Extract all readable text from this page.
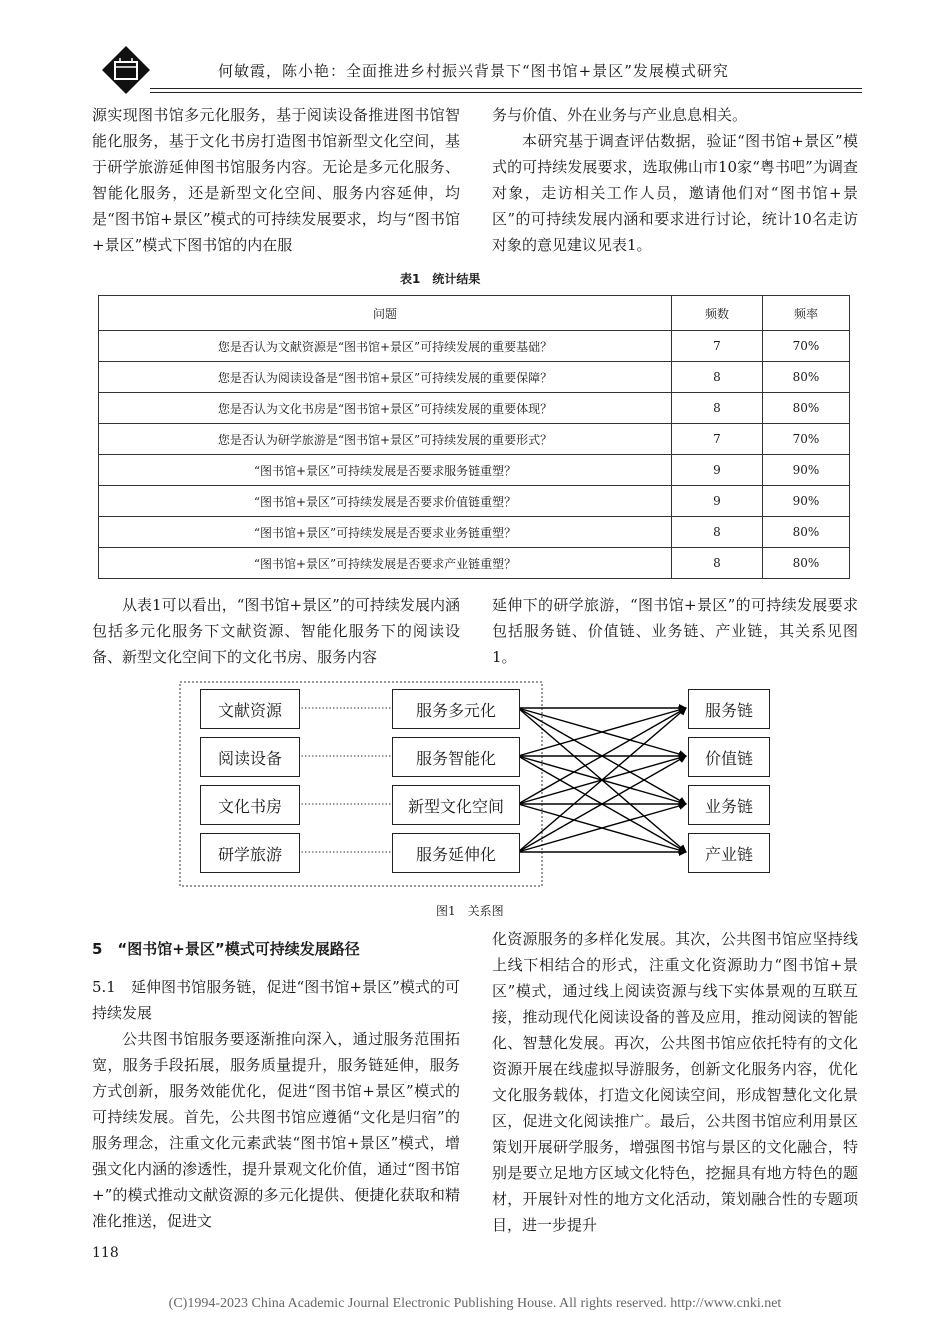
何敏霞，陈小艳：全面推进乡村振兴背景下“图书馆+景区”发展模式研究

源实现图书馆多元化服务，基于阅读设备推进图书馆智能化服务，基于文化书房打造图书馆新型文化空间，基于研学旅游延伸图书馆服务内容。无论是多元化服务、智能化服务，还是新型文化空间、服务内容延伸，均是“图书馆+景区”模式的可持续发展要求，均与“图书馆+景区”模式下图书馆的内在服

务与价值、外在业务与产业息息相关。

本研究基于调查评估数据，验证“图书馆+景区”模式的可持续发展要求，选取佛山市10家“粤书吧”为调查对象，走访相关工作人员，邀请他们对“图书馆+景区”的可持续发展内涵和要求进行讨论，统计10名走访对象的意见建议见表1。

表1　统计结果
问题	频数	频率
您是否认为文献资源是“图书馆+景区”可持续发展的重要基础？	7	70%
您是否认为阅读设备是“图书馆+景区”可持续发展的重要保障？	8	80%
您是否认为文化书房是“图书馆+景区”可持续发展的重要体现？	8	80%
您是否认为研学旅游是“图书馆+景区”可持续发展的重要形式？	7	70%
“图书馆+景区”可持续发展是否要求服务链重塑？	9	90%
“图书馆+景区”可持续发展是否要求价值链重塑？	9	90%
“图书馆+景区”可持续发展是否要求业务链重塑？	8	80%
“图书馆+景区”可持续发展是否要求产业链重塑？	8	80%

从表1可以看出，“图书馆+景区”的可持续发展内涵包括多元化服务下文献资源、智能化服务下的阅读设备、新型文化空间下的文化书房、服务内容

延伸下的研学旅游，“图书馆+景区”的可持续发展要求包括服务链、价值链、业务链、产业链，其关系见图1。

文献资源
阅读设备
文化书房
研学旅游
服务多元化
服务智能化
新型文化空间
服务延伸化
服务链
价值链
业务链
产业链
图1　关系图
5　“图书馆+景区”模式可持续发展路径

5.1　延伸图书馆服务链，促进“图书馆+景区”模式的可持续发展

公共图书馆服务要逐渐推向深入，通过服务范围拓宽，服务手段拓展，服务质量提升，服务链延伸，服务方式创新，服务效能优化，促进“图书馆+景区”模式的可持续发展。首先，公共图书馆应遵循“文化是归宿”的服务理念，注重文化元素武装“图书馆+景区”模式，增强文化内涵的渗透性，提升景观文化价值，通过“图书馆+”的模式推动文献资源的多元化提供、便捷化获取和精准化推送，促进文

化资源服务的多样化发展。其次，公共图书馆应坚持线上线下相结合的形式，注重文化资源助力“图书馆+景区”模式，通过线上阅读资源与线下实体景观的互联互接，推动现代化阅读设备的普及应用，推动阅读的智能化、智慧化发展。再次，公共图书馆应依托特有的文化资源开展在线虚拟导游服务，创新文化服务内容，优化文化服务载体，打造文化阅读空间，形成智慧化文化景区，促进文化阅读推广。最后，公共图书馆应利用景区策划开展研学服务，增强图书馆与景区的文化融合，特别是要立足地方区域文化特色，挖掘具有地方特色的题材，开展针对性的地方文化活动，策划融合性的专题项目，进一步提升

118
(C)1994-2023 China Academic Journal Electronic Publishing House. All rights reserved. http://www.cnki.net
